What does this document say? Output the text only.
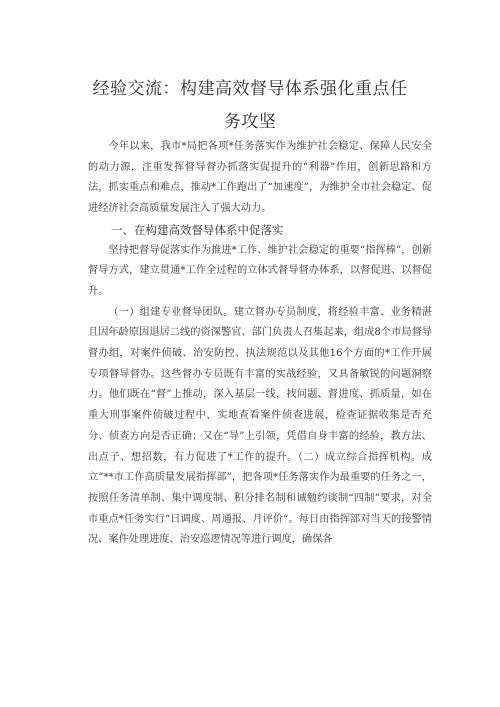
经验交流：构建高效督导体系强化重点任
务攻坚

今年以来，我市*局把各项*任务落实作为维护社会稳定、保障人民安全的动力源，注重发挥督导督办抓落实促提升的“利器”作用，创新思路和方法，抓实重点和难点，推动*工作跑出了“加速度”，为维护全市社会稳定、促进经济社会高质量发展注入了强大动力。

一、在构建高效督导体系中促落实

坚持把督导促落实作为推进*工作、维护社会稳定的重要“指挥棒”，创新督导方式，建立贯通*工作全过程的立体式督导督办体系，以督促进、以督促升。

（一）组建专业督导团队。建立督办专员制度，将经验丰富、业务精湛且因年龄原因退居二线的资深警官、部门负责人召集起来，组成8个市局督导督办组，对案件侦破、治安防控、执法规范以及其他16个方面的*工作开展专项督导督办。这些督办专员既有丰富的实战经验，又具备敏锐的问题洞察力。他们既在“督”上推动，深入基层一线，找问题、督进度、抓质量，如在重大刑事案件侦破过程中，实地查看案件侦查进展，检查证据收集是否充分、侦查方向是否正确；又在“导”上引领，凭借自身丰富的经验，教方法、出点子、想招数，有力促进了*工作的提升。（二）成立综合指挥机构。成立“**市工作高质量发展指挥部”，把各项*任务落实作为最重要的任务之一，按照任务清单制、集中调度制、积分排名制和诫勉约谈制“四制”要求，对全市重点*任务实行“日调度、周通报、月评价“。每日由指挥部对当天的接警情况、案件处理进度、治安巡逻情况等进行调度，确保各
